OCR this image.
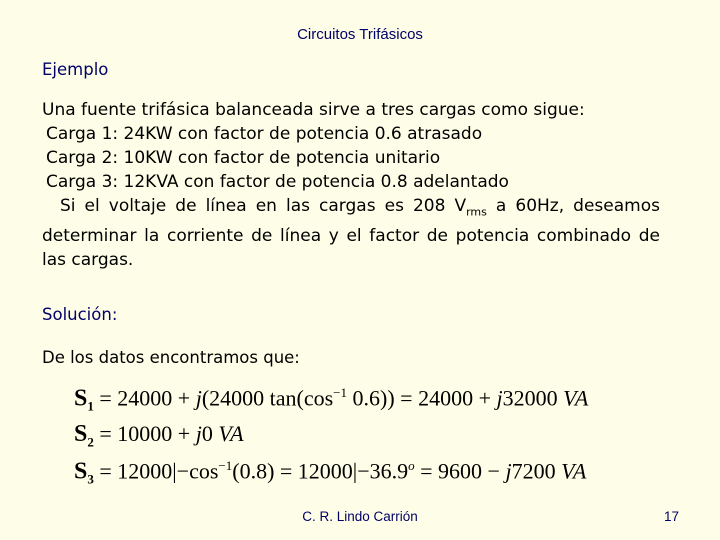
Circuitos Trifásicos
Ejemplo

Una fuente trifásica balanceada sirve a tres cargas como sigue:

Carga 1: 24KW con factor de potencia 0.6 atrasado

Carga 2: 10KW con factor de potencia unitario

Carga 3: 12KVA con factor de potencia 0.8 adelantado

Si el voltaje de línea en las cargas es 208 $V_{rms}$ a 60Hz, deseamos

determinar la corriente de línea y el factor de potencia combinado de las cargas.

Solución:
De los datos encontramos que:
$S_1 = 24000 + j(24000$ $\tan(\cos^{-1}$ 0.6)) = 24000 + j32000 VA
$S_2 = 10000 + j0$ VA
$S_3 = 12000|-\cos^{-1}(0.8) = 12000|-36.9^o = 9600 - j7200$ VA
C. R. Lindo Carrión	17
